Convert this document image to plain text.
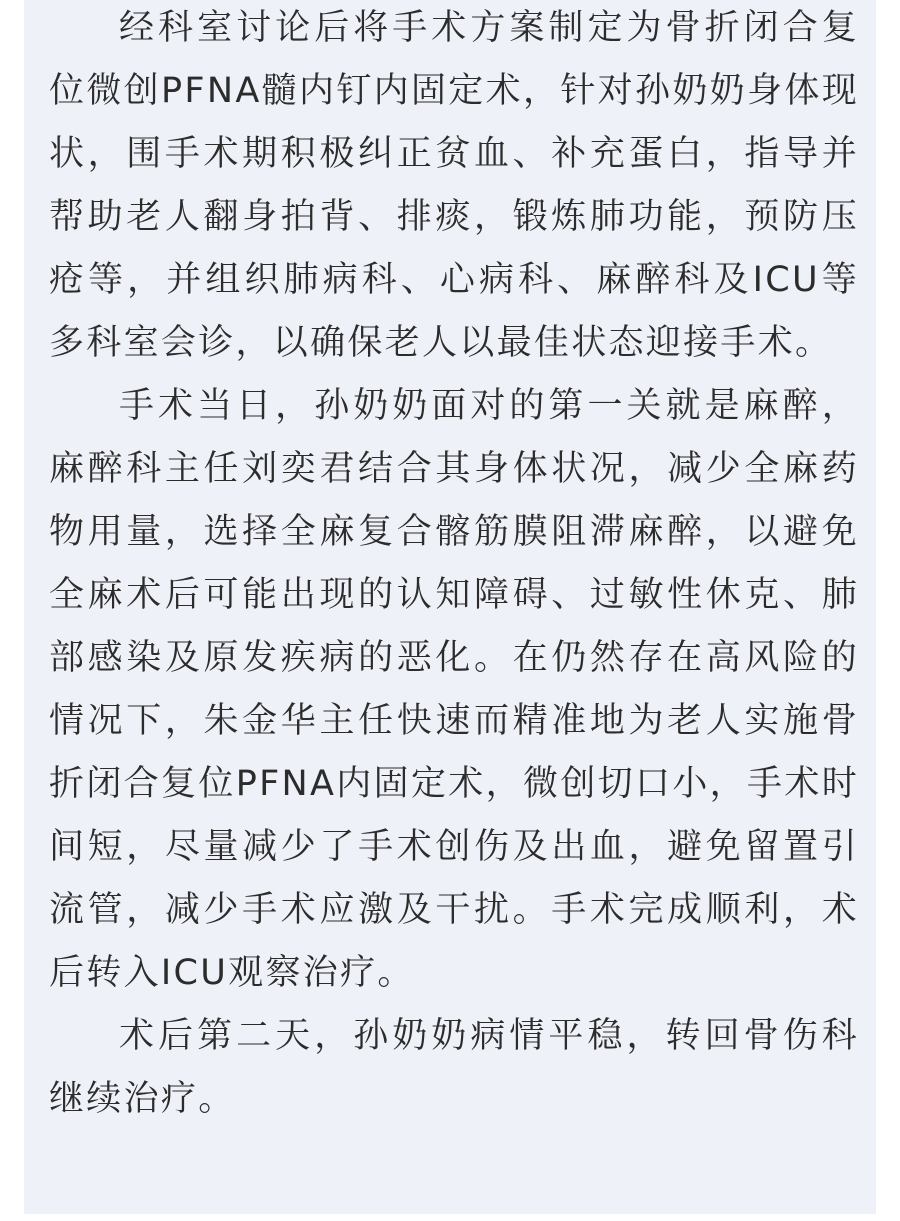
经科室讨论后将手术方案制定为骨折闭合复位微创PFNA髓内钉内固定术，针对孙奶奶身体现状，围手术期积极纠正贫血、补充蛋白，指导并帮助老人翻身拍背、排痰，锻炼肺功能，预防压疮等，并组织肺病科、心病科、麻醉科及ICU等多科室会诊，以确保老人以最佳状态迎接手术。

手术当日，孙奶奶面对的第一关就是麻醉，麻醉科主任刘奕君结合其身体状况，减少全麻药物用量，选择全麻复合髂筋膜阻滞麻醉，以避免全麻术后可能出现的认知障碍、过敏性休克、肺部感染及原发疾病的恶化。在仍然存在高风险的情况下，朱金华主任快速而精准地为老人实施骨折闭合复位PFNA内固定术，微创切口小，手术时间短，尽量减少了手术创伤及出血，避免留置引流管，减少手术应激及干扰。手术完成顺利，术后转入ICU观察治疗。

术后第二天，孙奶奶病情平稳，转回骨伤科继续治疗。
